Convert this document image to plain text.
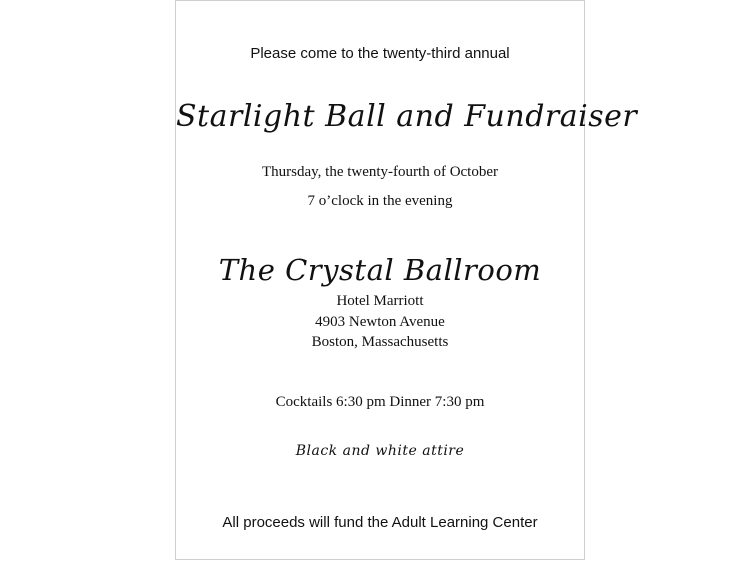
Please come to the twenty-third annual
Starlight Ball and Fundraiser
Thursday, the twenty-fourth of October
7 o’clock in the evening
The Crystal Ballroom
Hotel Marriott
4903 Newton Avenue
Boston, Massachusetts
Cocktails 6:30 pm Dinner 7:30 pm
Black and white attire
All proceeds will fund the Adult Learning Center
